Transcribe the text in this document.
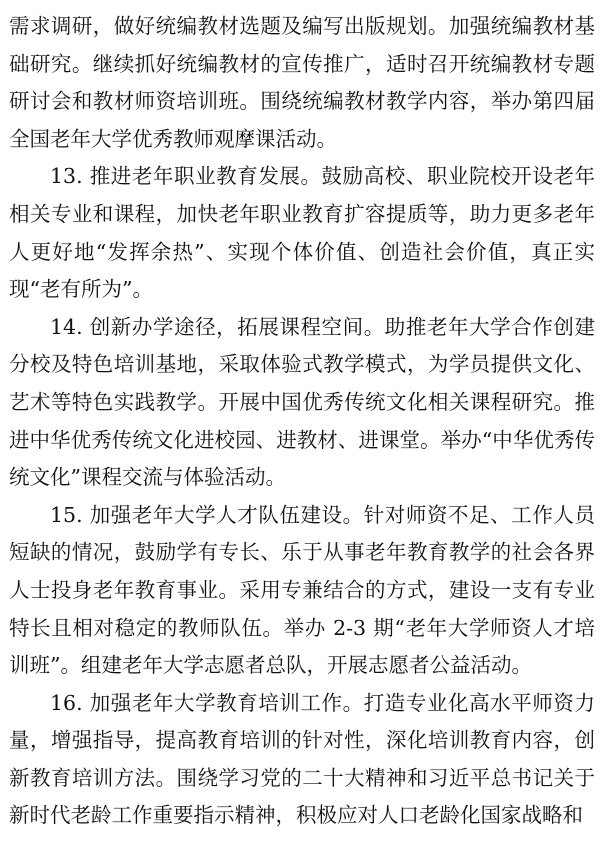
需求调研，做好统编教材选题及编写出版规划。加强统编教材基础研究。继续抓好统编教材的宣传推广，适时召开统编教材专题研讨会和教材师资培训班。围绕统编教材教学内容，举办第四届全国老年大学优秀教师观摩课活动。

13. 推进老年职业教育发展。鼓励高校、职业院校开设老年相关专业和课程，加快老年职业教育扩容提质等，助力更多老年人更好地“发挥余热”、实现个体价值、创造社会价值，真正实现“老有所为”。

14. 创新办学途径，拓展课程空间。助推老年大学合作创建分校及特色培训基地，采取体验式教学模式，为学员提供文化、艺术等特色实践教学。开展中国优秀传统文化相关课程研究。推进中华优秀传统文化进校园、进教材、进课堂。举办“中华优秀传统文化”课程交流与体验活动。

15. 加强老年大学人才队伍建设。针对师资不足、工作人员短缺的情况，鼓励学有专长、乐于从事老年教育教学的社会各界人士投身老年教育事业。采用专兼结合的方式，建设一支有专业特长且相对稳定的教师队伍。举办 2-3 期“老年大学师资人才培训班”。组建老年大学志愿者总队，开展志愿者公益活动。

16. 加强老年大学教育培训工作。打造专业化高水平师资力量，增强指导，提高教育培训的针对性，深化培训教育内容，创新教育培训方法。围绕学习党的二十大精神和习近平总书记关于新时代老龄工作重要指示精神，积极应对人口老龄化国家战略和
